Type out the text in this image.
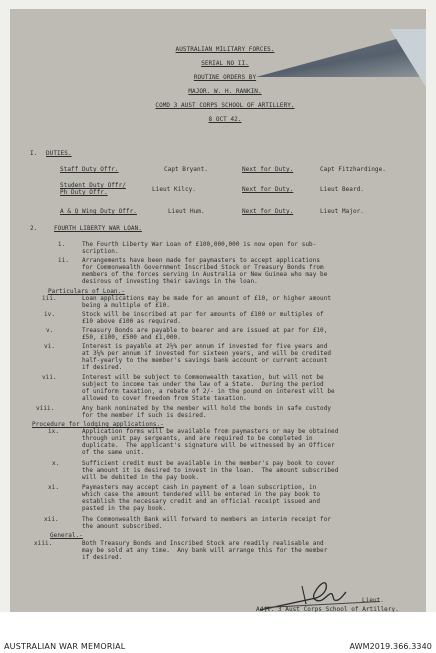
AUSTRALIAN MILITARY FORCES.
SERIAL NO II.
ROUTINE ORDERS BY
MAJOR. W. H. RANKIN.
COMD 3 AUST CORPS SCHOOL OF ARTILLERY.
8 OCT 42.
I. DUTIES.
Staff Duty Offr.	Capt Bryant.	Next for Duty.	Capt Fitzhardinge.
Student Duty Offr/
Ph Duty Offr.	Lieut Kilcy.	Next for Duty.	Lieut Beard.
A & Q Wing Duty Offr.	Lieut Hum.	Next for Duty.	Lieut Major.
2.	FOURTH LIBERTY WAR LOAN.
i.	The Fourth Liberty War Loan of £100,000,000 is now open for sub-
scription.
ii. Arrangements have been made for paymasters to accept applications
for Commonwealth Government Inscribed Stock or Treasury Bonds from
members of the forces serving in Australia or New Guinea who may be
desirous of investing their savings in the loan.
Particulars of Loan.-
iii.	Loan applications may be made for an amount of £10, or higher amount
being a multiple of £10.
iv.	Stock will be inscribed at par for amounts of £100 or multiples of
£10 above £100 as required.
v.	Treasury Bonds are payable to bearer and are issued at par for £10,
£50, £100, £500 and £1,000.
vi.	Interest is payable at 2½% per annum if invested for five years and
at 3¼% per annum if invested for sixteen years, and will be credited
half-yearly to the member's savings bank account or current account
if desired.
vii.	Interest will be subject to Commonwealth taxation, but will not be
subject to income tax under the law of a State.  During the period
of uniform taxation, a rebate of 2/- in the pound on interest will be
allowed to cover freedom from State taxation.
viii.	Any bank nominated by the member will hold the bonds in safe custody
for the member if such is desired.
Procedure for lodging applications.-
ix.	Application forms will be available from paymasters or may be obtained
through unit pay sergeants, and are required to be completed in
duplicate.  The applicant's signature will be witnessed by an Officer
of the same unit.
x.	Sufficient credit must be available in the member's pay book to cover
the amount it is desired to invest in the loan.  The amount subscribed
will be debited in the pay book.
xi.	Paymasters may accept cash in payment of a loan subscription, in
which case the amount tendered will be entered in the pay book to
establish the necessary credit and an official receipt issued and
pasted in the pay book.
xii.	The Commonwealth Bank will forward to members an interim receipt for
the amount subscribed.
General.-
xiii.	Both Treasury Bonds and Inscribed Stock are readily realisable and
may be sold at any time.  Any bank will arrange this for the member
if desired.
Lieut.
Adjt. 3 Aust Corps School of Artillery.
AUSTRALIAN WAR MEMORIAL	AWM2019.366.3340
